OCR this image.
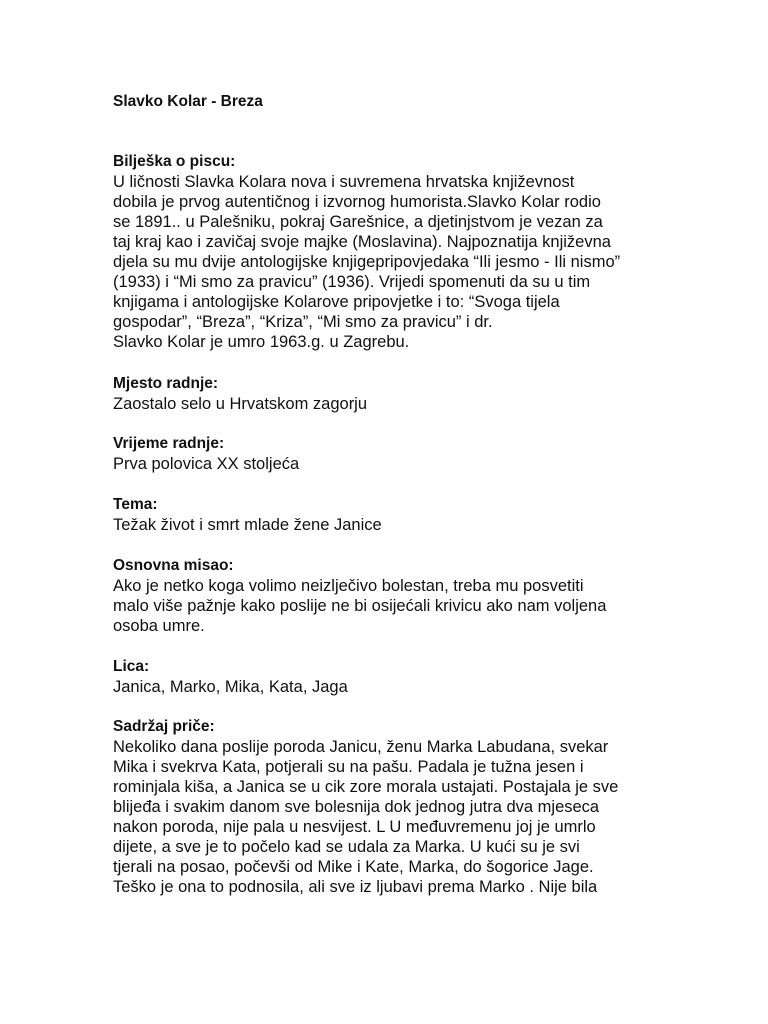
Slavko Kolar - Breza

Bilješka o piscu:

U ličnosti Slavka Kolara nova i suvremena hrvatska književnost

dobila je prvog autentičnog i izvornog humorista.Slavko Kolar rodio

se 1891.. u Palešniku, pokraj Garešnice, a djetinjstvom je vezan za

taj kraj kao i zavičaj svoje majke (Moslavina). Najpoznatija književna

djela su mu dvije antologijske knjigepripovjedaka “Ili jesmo - Ili nismo”

(1933) i “Mi smo za pravicu” (1936). Vrijedi spomenuti da su u tim

knjigama i antologijske Kolarove pripovjetke i to: “Svoga tijela

gospodar”, “Breza”, “Kriza”, “Mi smo za pravicu” i dr.

Slavko Kolar je umro 1963.g. u Zagrebu.

Mjesto radnje:

Zaostalo selo u Hrvatskom zagorju

Vrijeme radnje:

Prva polovica XX stoljeća

Tema:

Težak život i smrt mlade žene Janice

Osnovna misao:

Ako je netko koga volimo neizlječivo bolestan, treba mu posvetiti

malo više pažnje kako poslije ne bi osijećali krivicu ako nam voljena

osoba umre.

Lica:

Janica, Marko, Mika, Kata, Jaga

Sadržaj priče:

Nekoliko dana poslije poroda Janicu, ženu Marka Labudana, svekar

Mika i svekrva Kata, potjerali su na pašu. Padala je tužna jesen i

rominjala kiša, a Janica se u cik zore morala ustajati. Postajala je sve

blijeđa i svakim danom sve bolesnija dok jednog jutra dva mjeseca

nakon poroda, nije pala u nesvijest. L U međuvremenu joj je umrlo

dijete, a sve je to počelo kad se udala za Marka. U kući su je svi

tjerali na posao, počevši od Mike i Kate, Marka, do šogorice Jage.

Teško je ona to podnosila, ali sve iz ljubavi prema Marko . Nije bila
